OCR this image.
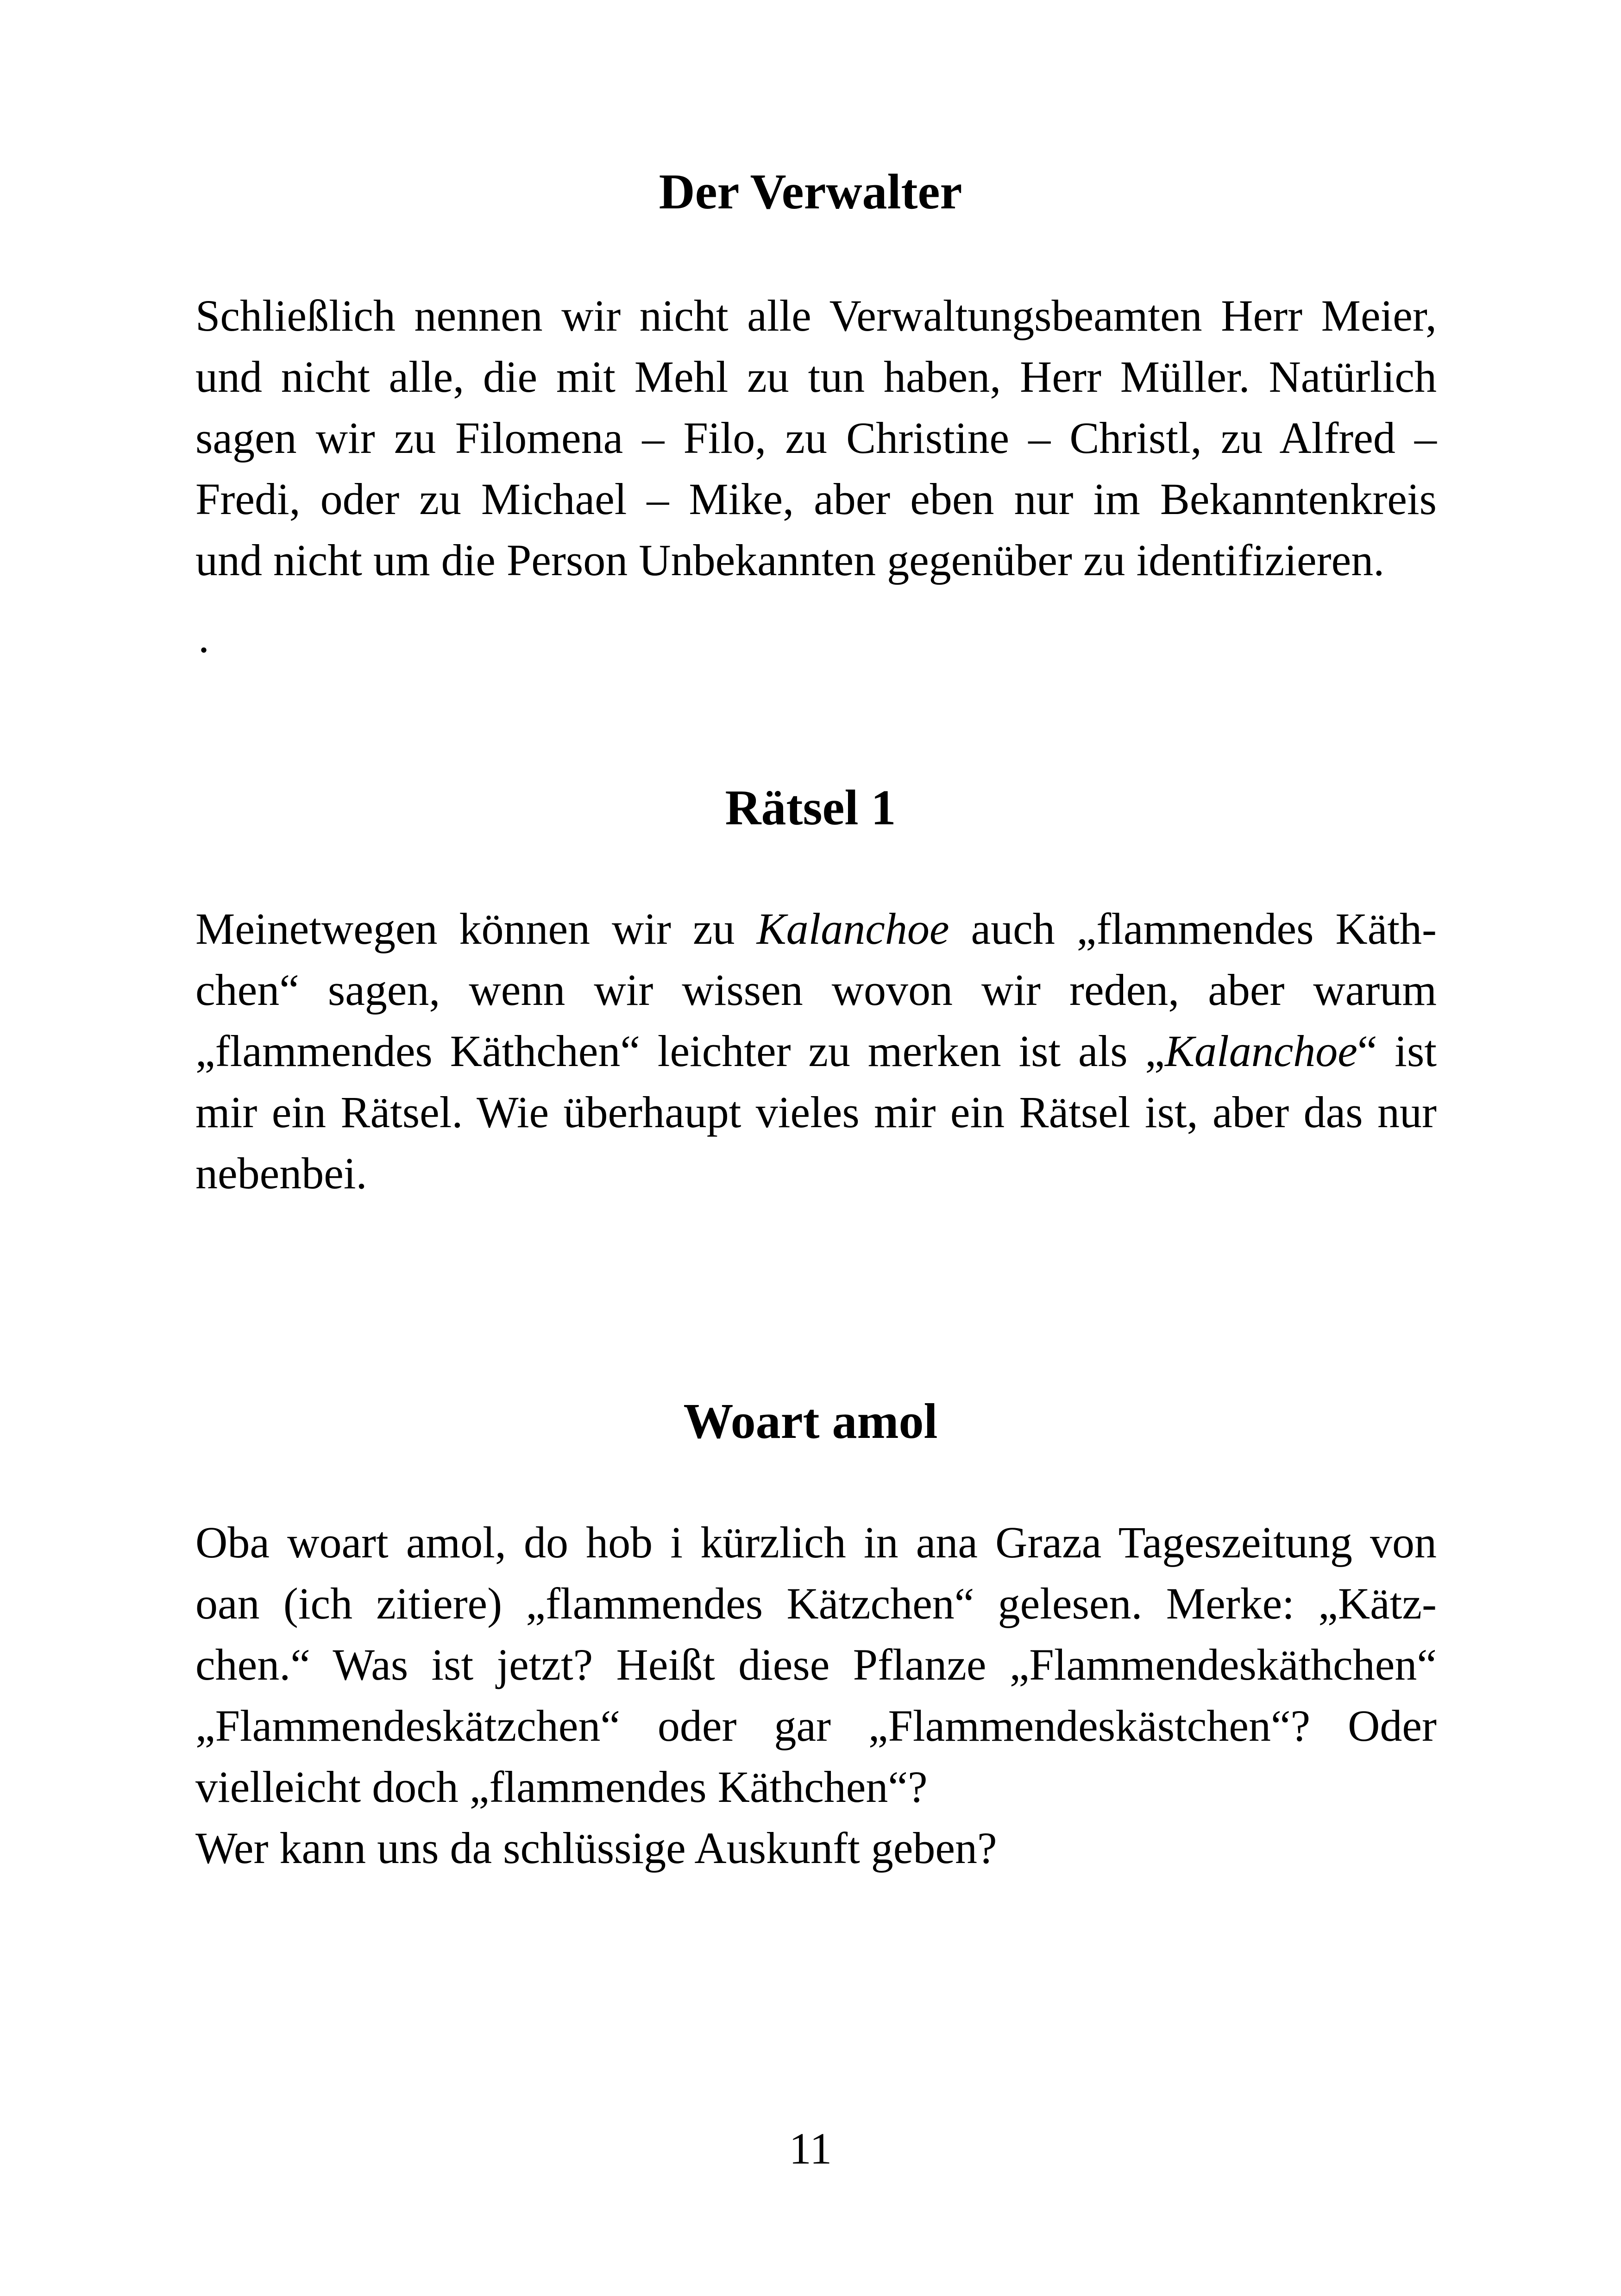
Der Verwalter
Schließlich nennen wir nicht alle Verwaltungsbeamten Herr Meier,
und nicht alle, die mit Mehl zu tun haben, Herr Müller. Natürlich
sagen wir zu Filomena – Filo, zu Christine – Christl, zu Alfred –
Fredi, oder zu Michael – Mike, aber eben nur im Bekanntenkreis
und nicht um die Person Unbekannten gegenüber zu identifizieren.
.
Rätsel 1
Meinetwegen können wir zu Kalanchoe auch „flammendes Käth-
chen“ sagen, wenn wir wissen wovon wir reden, aber warum
„flammendes Käthchen“ leichter zu merken ist als „Kalanchoe“ ist
mir ein Rätsel. Wie überhaupt vieles mir ein Rätsel ist, aber das nur
nebenbei.
Woart amol
Oba woart amol, do hob i kürzlich in ana Graza Tageszeitung von
oan (ich zitiere) „flammendes Kätzchen“ gelesen. Merke: „Kätz-
chen.“ Was ist jetzt? Heißt diese Pflanze „Flammendeskäthchen“
„Flammendeskätzchen“ oder gar „Flammendeskästchen“? Oder
vielleicht doch „flammendes Käthchen“?
Wer kann uns da schlüssige Auskunft geben?
11
